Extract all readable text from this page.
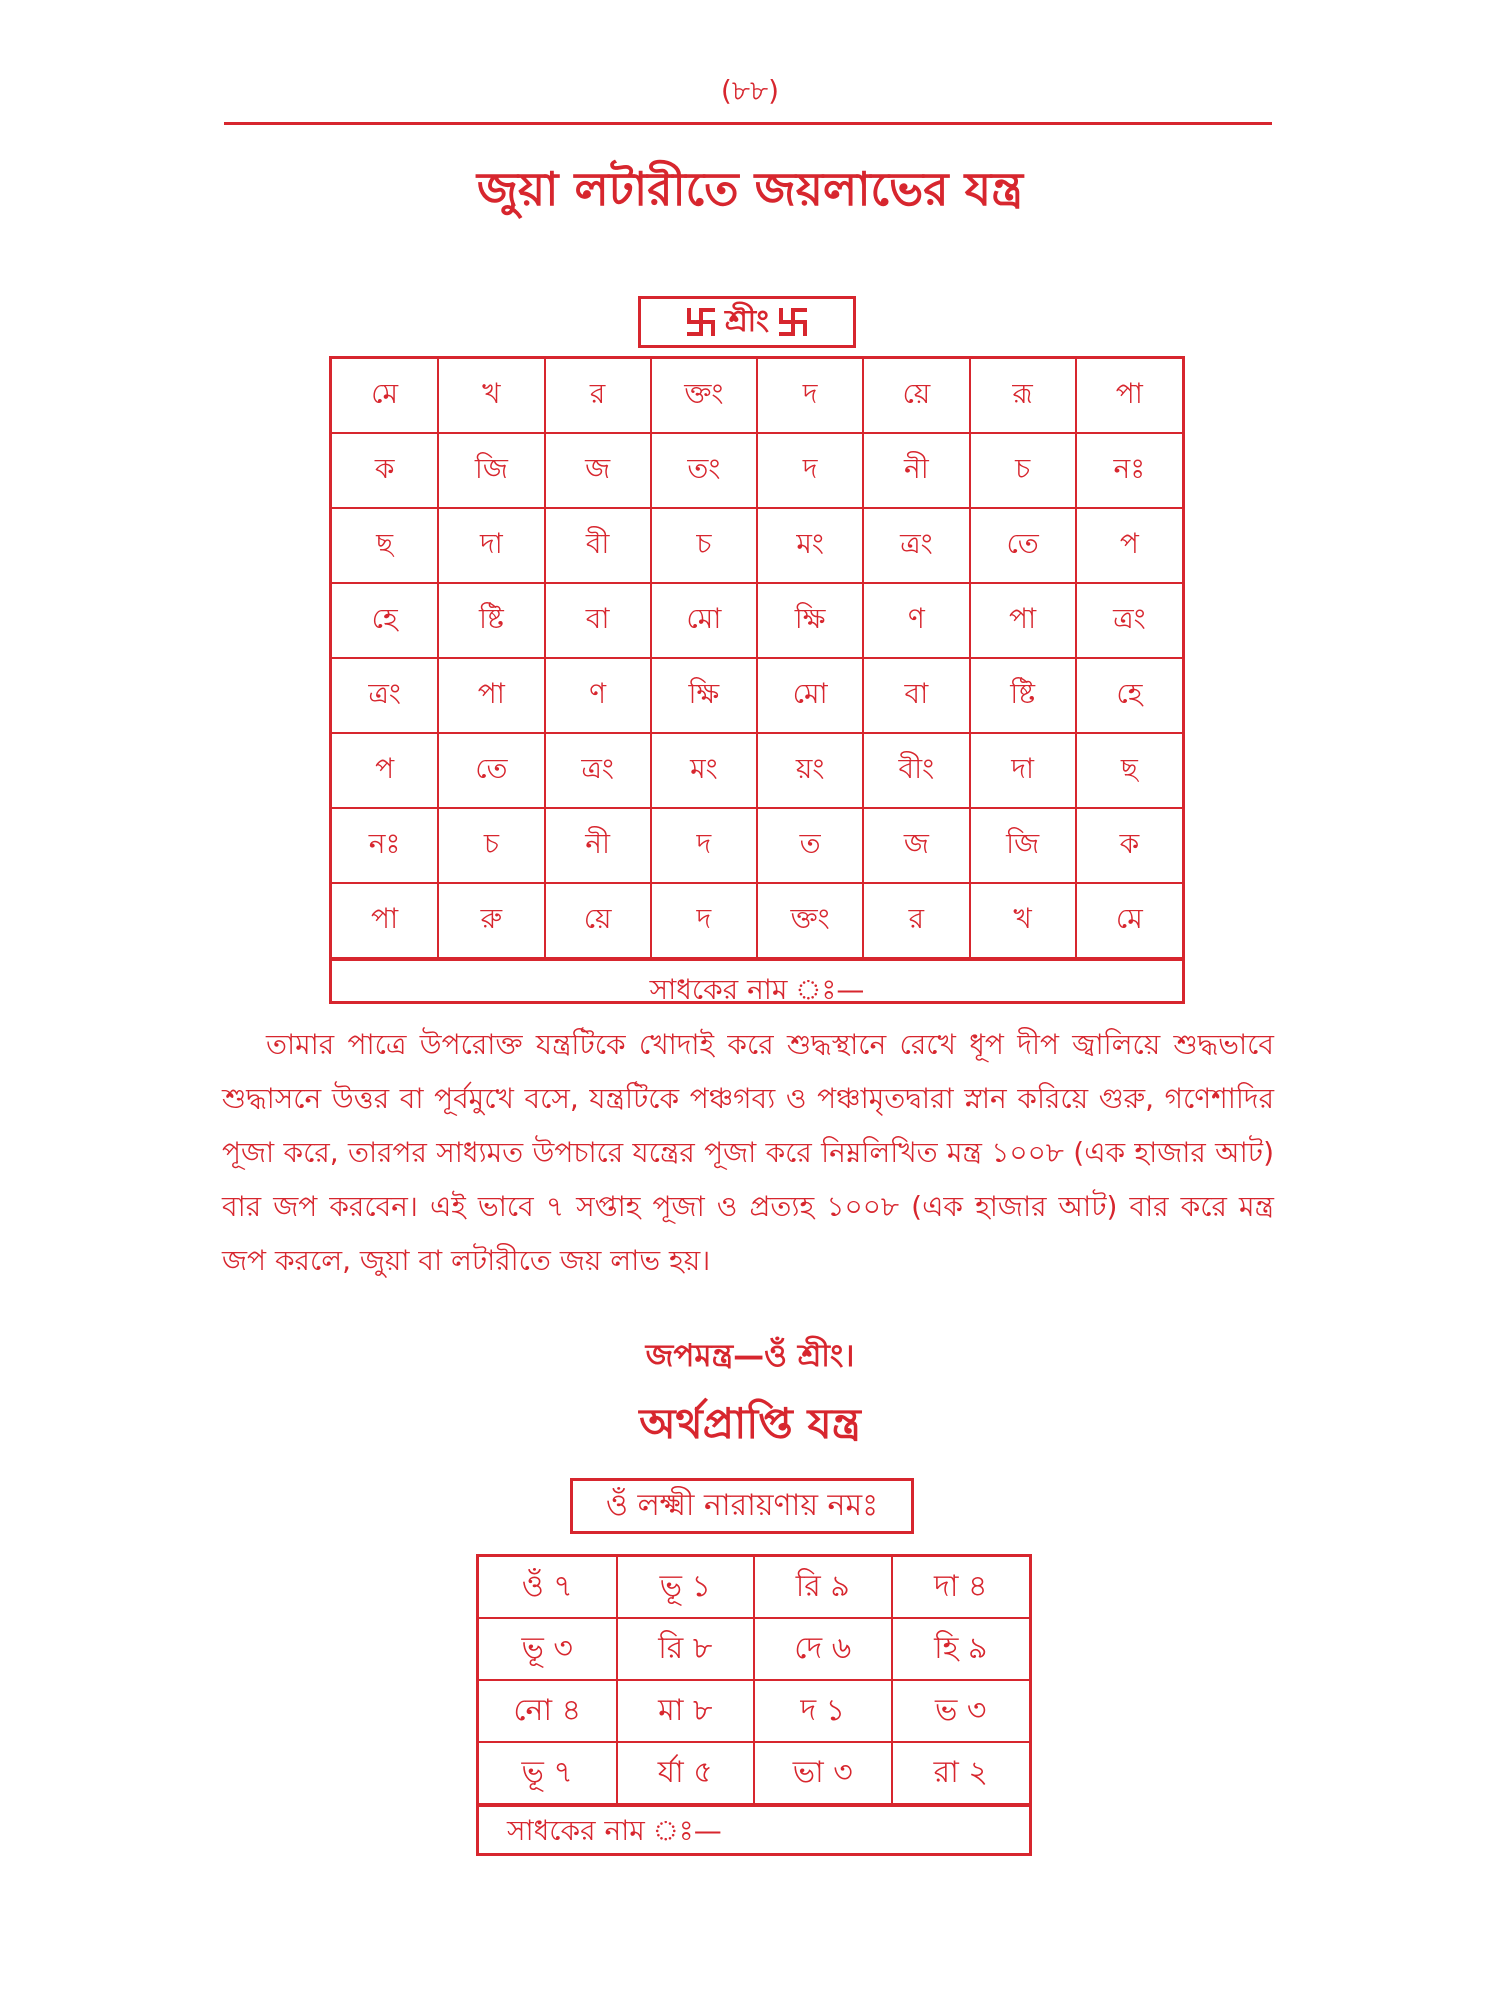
(৮৮)
জুয়া লটারীতে জয়লাভের যন্ত্র
শ্রীং
মে	খ	র	ক্তং	দ	য়ে	রূ	পা
ক	জি	জ	তং	দ	নী	চ	নঃ
ছ	দা	বী	চ	মং	ত্রং	তে	প
হে	ষ্টি	বা	মো	ক্ষি	ণ	পা	ত্রং
ত্রং	পা	ণ	ক্ষি	মো	বা	ষ্টি	হে
প	তে	ত্রং	মং	য়ং	বীং	দা	ছ
নঃ	চ	নী	দ	ত	জ	জি	ক
পা	রু	য়ে	দ	ক্তং	র	খ	মে
সাধকের নাম ঃ—

তামার পাত্রে উপরোক্ত যন্ত্রটিকে খোদাই করে শুদ্ধস্থানে রেখে ধূপ দীপ জ্বালিয়ে শুদ্ধভাবে শুদ্ধাসনে উত্তর বা পূর্বমুখে বসে, যন্ত্রটিকে পঞ্চগব্য ও পঞ্চামৃতদ্বারা স্নান করিয়ে গুরু, গণেশাদির পূজা করে, তারপর সাধ্যমত উপচারে যন্ত্রের পূজা করে নিম্নলিখিত মন্ত্র ১০০৮ (এক হাজার আট) বার জপ করবেন। এই ভাবে ৭ সপ্তাহ পূজা ও প্রত্যহ ১০০৮ (এক হাজার আট) বার করে মন্ত্র জপ করলে, জুয়া বা লটারীতে জয় লাভ হয়।

জপমন্ত্র—ওঁ শ্রীং।
অর্থপ্রাপ্তি যন্ত্র
ওঁ লক্ষ্মী নারায়ণায় নমঃ
ওঁ ৭	ভূ ১	রি ৯	দা ৪
ভূ ৩	রি ৮	দে ৬	হি ৯
নো ৪	মা ৮	দ ১	ভ ৩
ভূ ৭	র্যা ৫	ভা ৩	রা ২
সাধকের নাম ঃ—
